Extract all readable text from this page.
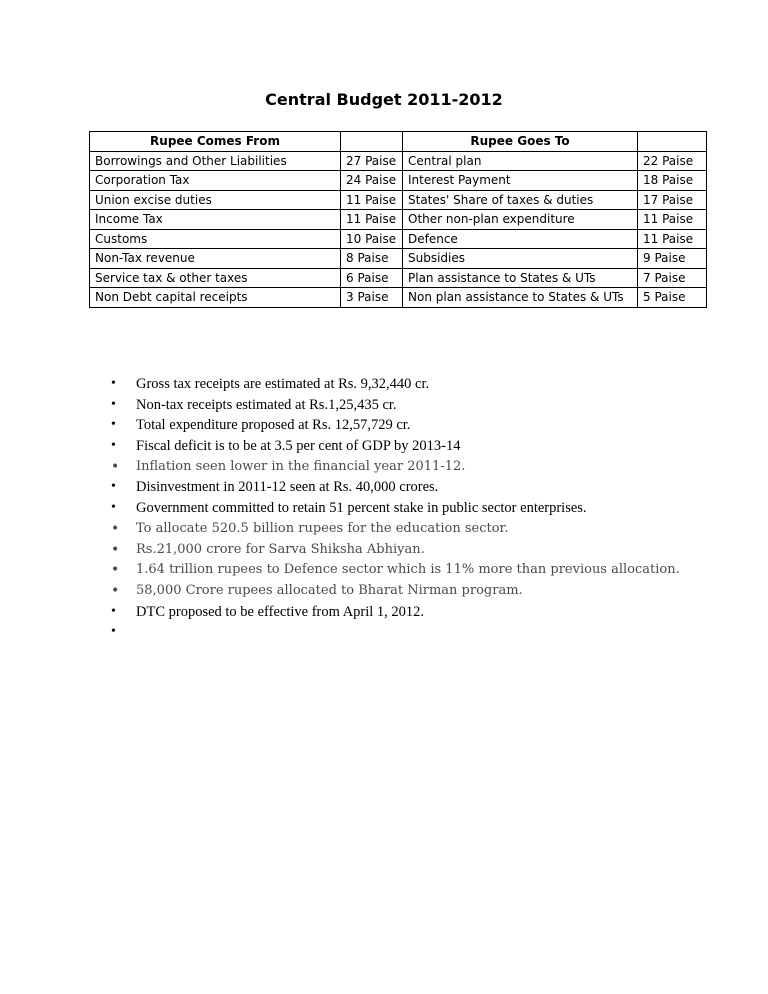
Central Budget 2011-2012
Rupee Comes From		Rupee Goes To	
Borrowings and Other Liabilities	27 Paise	Central plan	22 Paise
Corporation Tax	24 Paise	Interest Payment	18 Paise
Union excise duties	11 Paise	States' Share of taxes & duties	17 Paise
Income Tax	11 Paise	Other non-plan expenditure	11 Paise
Customs	10 Paise	Defence	11 Paise
Non-Tax revenue	8 Paise	Subsidies	9 Paise
Service tax & other taxes	6 Paise	Plan assistance to States & UTs	7 Paise
Non Debt capital receipts	3 Paise	Non plan assistance to States & UTs	5 Paise
• Gross tax receipts are estimated at Rs. 9,32,440 cr.
• Non-tax receipts estimated at Rs.1,25,435 cr.
• Total expenditure proposed at Rs. 12,57,729 cr.
• Fiscal deficit is to be at 3.5 per cent of GDP by 2013-14
• Inflation seen lower in the financial year 2011-12.
• Disinvestment in 2011-12 seen at Rs. 40,000 crores.
• Government committed to retain 51 percent stake in public sector enterprises.
• To allocate 520.5 billion rupees for the education sector.
• Rs.21,000 crore for Sarva Shiksha Abhiyan.
• 1.64 trillion rupees to Defence sector which is 11% more than previous allocation.
• 58,000 Crore rupees allocated to Bharat Nirman program.
• DTC proposed to be effective from April 1, 2012.
•
